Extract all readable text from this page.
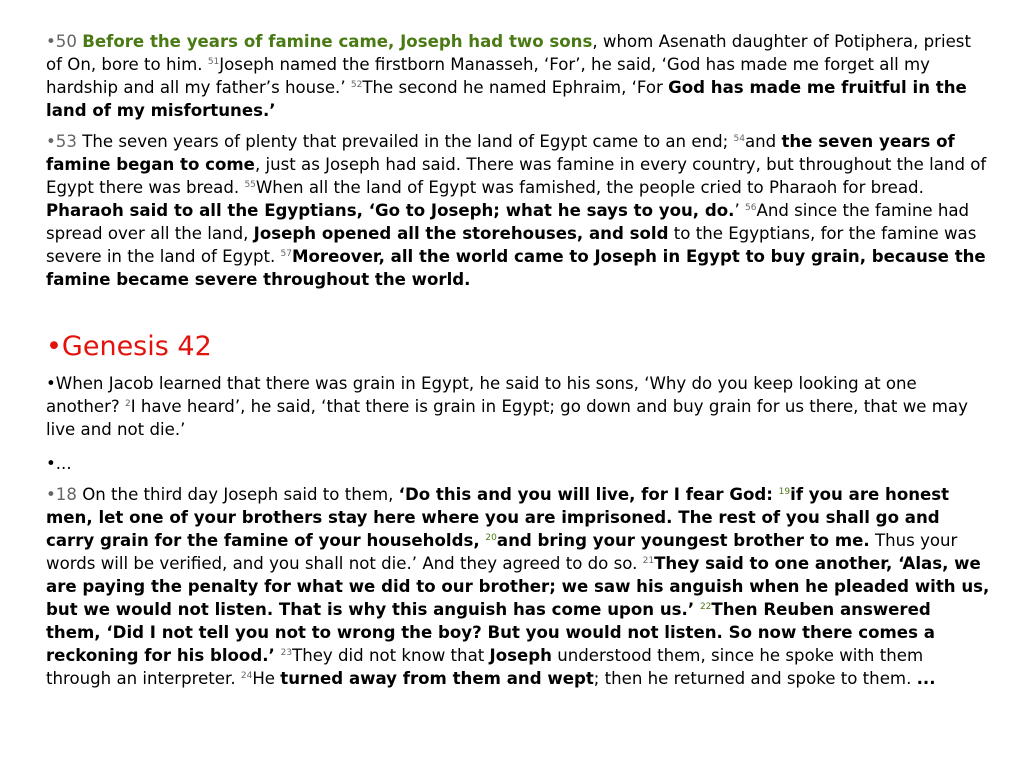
•50 Before the years of famine came, Joseph had two sons, whom Asenath daughter of Potiphera, priest of On, bore to him. $^{51}$Joseph named the firstborn Manasseh, ‘For’, he said, ‘God has made me forget all my hardship and all my father’s house.’ $^{52}$The second he named Ephraim, ‘For God has made me fruitful in the land of my misfortunes.’

•53 The seven years of plenty that prevailed in the land of Egypt came to an end; $^{54}$and the seven years of famine began to come, just as Joseph had said. There was famine in every country, but throughout the land of Egypt there was bread. $^{55}$When all the land of Egypt was famished, the people cried to Pharaoh for bread. Pharaoh said to all the Egyptians, ‘Go to Joseph; what he says to you, do.’ $^{56}$And since the famine had spread over all the land, Joseph opened all the storehouses, and sold to the Egyptians, for the famine was severe in the land of Egypt. $^{57}$Moreover, all the world came to Joseph in Egypt to buy grain, because the famine became severe throughout the world.

•Genesis 42

•When Jacob learned that there was grain in Egypt, he said to his sons, ‘Why do you keep looking at one another? $^2$I have heard’, he said, ‘that there is grain in Egypt; go down and buy grain for us there, that we may live and not die.’

•...

•18 On the third day Joseph said to them, ‘Do this and you will live, for I fear God: $^{19}$if you are honest men, let one of your brothers stay here where you are imprisoned. The rest of you shall go and carry grain for the famine of your households, $^{20}$and bring your youngest brother to me. Thus your words will be verified, and you shall not die.’ And they agreed to do so. $^{21}$They said to one another, ‘Alas, we are paying the penalty for what we did to our brother; we saw his anguish when he pleaded with us, but we would not listen. That is why this anguish has come upon us.’ $^{22}$Then Reuben answered them, ‘Did I not tell you not to wrong the boy? But you would not listen. So now there comes a reckoning for his blood.’ $^{23}$They did not know that Joseph understood them, since he spoke with them through an interpreter. $^{24}$He turned away from them and wept; then he returned and spoke to them. ...
